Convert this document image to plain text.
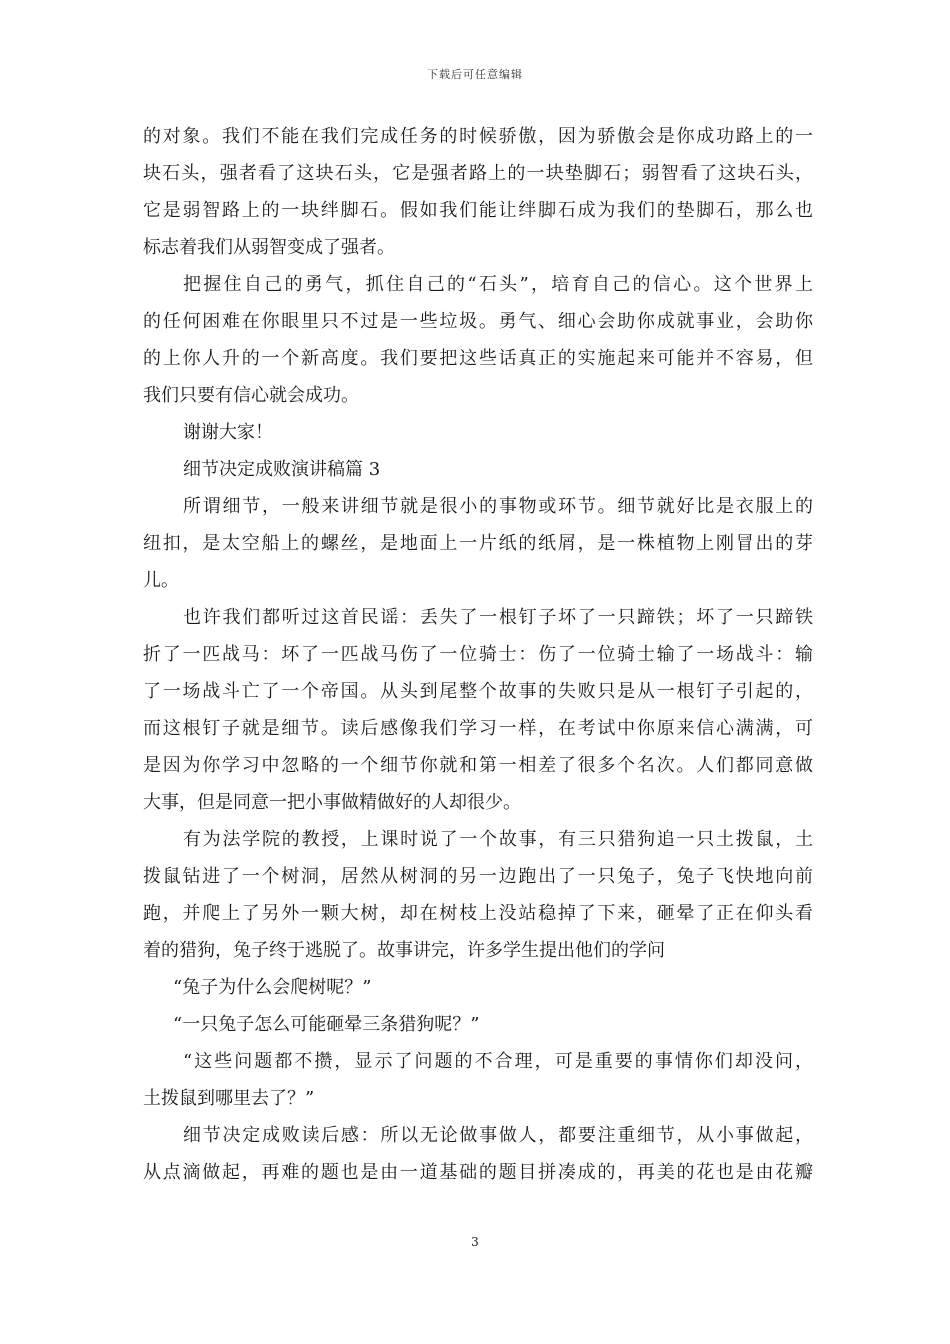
下载后可任意编辑
的对象。我们不能在我们完成任务的时候骄傲，因为骄傲会是你成功路上的一
块石头，强者看了这块石头，它是强者路上的一块垫脚石；弱智看了这块石头，
它是弱智路上的一块绊脚石。假如我们能让绊脚石成为我们的垫脚石，那么也
标志着我们从弱智变成了强者。
把握住自己的勇气，抓住自己的“石头”，培育自己的信心。这个世界上
的任何困难在你眼里只不过是一些垃圾。勇气、细心会助你成就事业，会助你
的上你人升的一个新高度。我们要把这些话真正的实施起来可能并不容易，但
我们只要有信心就会成功。
谢谢大家！
细节决定成败演讲稿篇 3
所谓细节，一般来讲细节就是很小的事物或环节。细节就好比是衣服上的
纽扣，是太空船上的螺丝，是地面上一片纸的纸屑，是一株植物上刚冒出的芽
儿。
也许我们都听过这首民谣：丢失了一根钉子坏了一只蹄铁；坏了一只蹄铁
折了一匹战马：坏了一匹战马伤了一位骑士：伤了一位骑士输了一场战斗：输
了一场战斗亡了一个帝国。从头到尾整个故事的失败只是从一根钉子引起的，
而这根钉子就是细节。读后感像我们学习一样，在考试中你原来信心满满，可
是因为你学习中忽略的一个细节你就和第一相差了很多个名次。人们都同意做
大事，但是同意一把小事做精做好的人却很少。
有为法学院的教授，上课时说了一个故事，有三只猎狗追一只土拨鼠，土
拨鼠钻进了一个树洞，居然从树洞的另一边跑出了一只兔子，兔子飞快地向前
跑，并爬上了另外一颗大树，却在树枝上没站稳掉了下来，砸晕了正在仰头看
着的猎狗，兔子终于逃脱了。故事讲完，许多学生提出他们的学问
“兔子为什么会爬树呢？”
“一只兔子怎么可能砸晕三条猎狗呢？”
“这些问题都不攒，显示了问题的不合理，可是重要的事情你们却没问，
土拨鼠到哪里去了？”
细节决定成败读后感：所以无论做事做人，都要注重细节，从小事做起，
从点滴做起，再难的题也是由一道基础的题目拼凑成的，再美的花也是由花瓣
3
